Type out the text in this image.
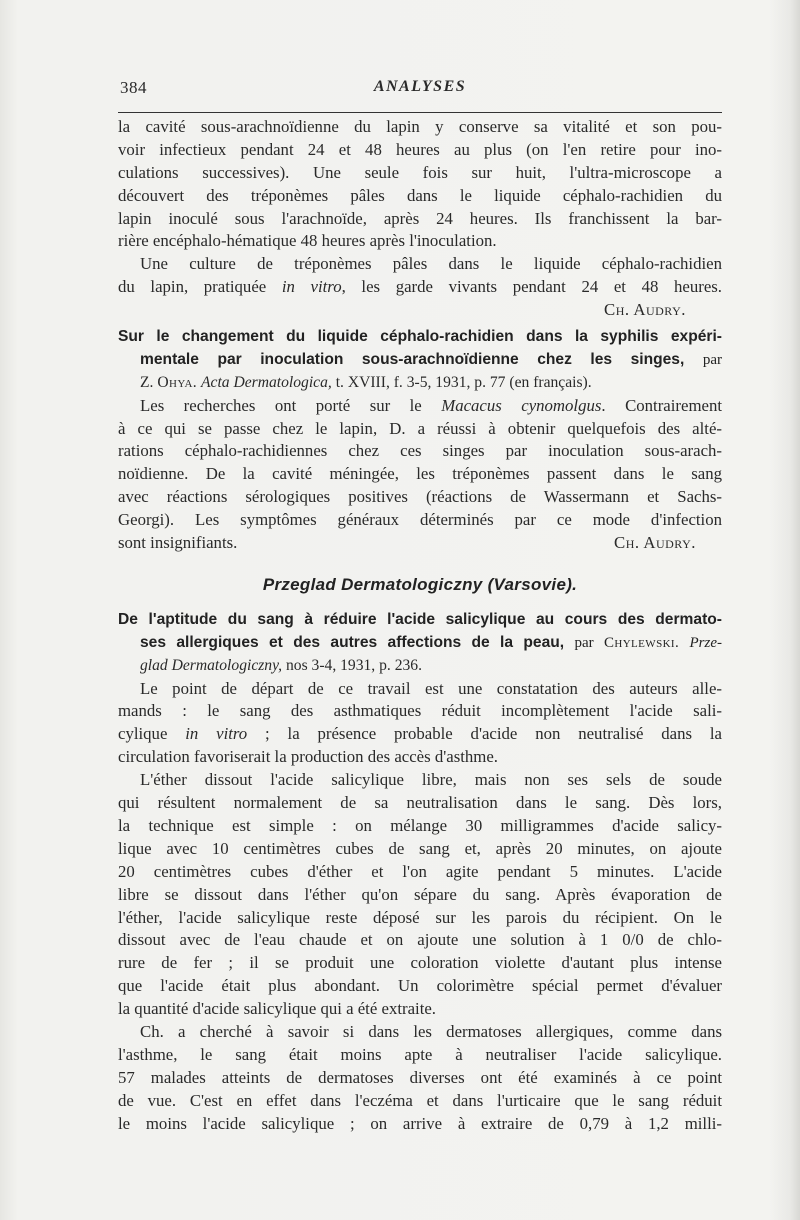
384	ANALYSES
la cavité sous-arachnoïdienne du lapin y conserve sa vitalité et son pou-
voir infectieux pendant 24 et 48 heures au plus (on l'en retire pour ino-
culations successives). Une seule fois sur huit, l'ultra-microscope a
découvert des tréponèmes pâles dans le liquide céphalo-rachidien du
lapin inoculé sous l'arachnoïde, après 24 heures. Ils franchissent la bar-
rière encéphalo-hématique 48 heures après l'inoculation.
Une culture de tréponèmes pâles dans le liquide céphalo-rachidien
du lapin, pratiquée in vitro, les garde vivants pendant 24 et 48 heures.
Ch. Audry.
Sur le changement du liquide céphalo-rachidien dans la syphilis expéri-
mentale par inoculation sous-arachnoïdienne chez les singes, par
Z. Ohya. Acta Dermatologica, t. XVIII, f. 3-5, 1931, p. 77 (en français).
Les recherches ont porté sur le Macacus cynomolgus. Contrairement
à ce qui se passe chez le lapin, D. a réussi à obtenir quelquefois des alté-
rations céphalo-rachidiennes chez ces singes par inoculation sous-arach-
noïdienne. De la cavité méningée, les tréponèmes passent dans le sang
avec réactions sérologiques positives (réactions de Wassermann et Sachs-
Georgi). Les symptômes généraux déterminés par ce mode d'infection
sont insignifiants.	Ch. Audry.
Przeglad Dermatologiczny (Varsovie).
De l'aptitude du sang à réduire l'acide salicylique au cours des dermato-
ses allergiques et des autres affections de la peau, par Chylewski. Prze-
glad Dermatologiczny, nos 3-4, 1931, p. 236.
Le point de départ de ce travail est une constatation des auteurs alle-
mands : le sang des asthmatiques réduit incomplètement l'acide sali-
cylique in vitro ; la présence probable d'acide non neutralisé dans la
circulation favoriserait la production des accès d'asthme.
L'éther dissout l'acide salicylique libre, mais non ses sels de soude
qui résultent normalement de sa neutralisation dans le sang. Dès lors,
la technique est simple : on mélange 30 milligrammes d'acide salicy-
lique avec 10 centimètres cubes de sang et, après 20 minutes, on ajoute
20 centimètres cubes d'éther et l'on agite pendant 5 minutes. L'acide
libre se dissout dans l'éther qu'on sépare du sang. Après évaporation de
l'éther, l'acide salicylique reste déposé sur les parois du récipient. On le
dissout avec de l'eau chaude et on ajoute une solution à 1 0/0 de chlo-
rure de fer ; il se produit une coloration violette d'autant plus intense
que l'acide était plus abondant. Un colorimètre spécial permet d'évaluer
la quantité d'acide salicylique qui a été extraite.
Ch. a cherché à savoir si dans les dermatoses allergiques, comme dans
l'asthme, le sang était moins apte à neutraliser l'acide salicylique.
57 malades atteints de dermatoses diverses ont été examinés à ce point
de vue. C'est en effet dans l'eczéma et dans l'urticaire que le sang réduit
le moins l'acide salicylique ; on arrive à extraire de 0,79 à 1,2 milli-
